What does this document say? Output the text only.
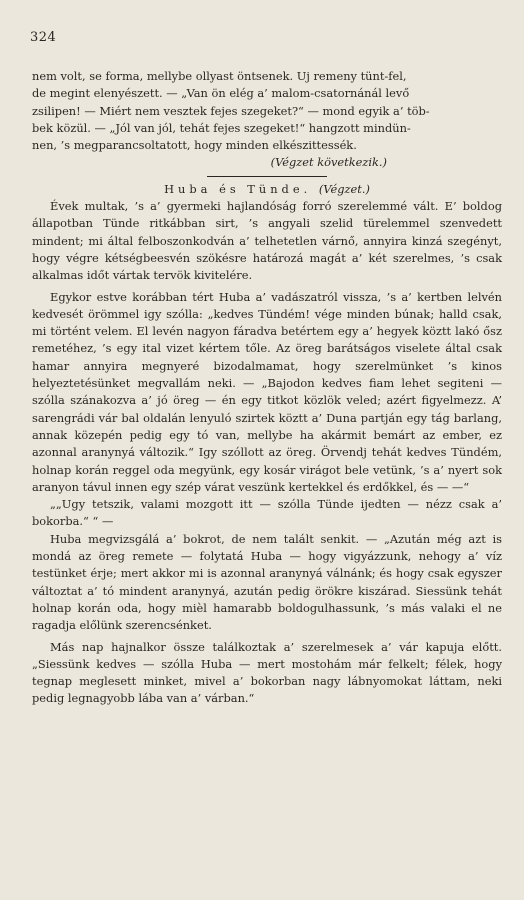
324

nem volt, se forma, mellybe ollyast öntsenek. Uj remeny tünt-fel,

de megint elenyészett. — „Van ön elég a’ malom-csatornánál levő

zsilipen! — Miért nem vesztek fejes szegeket?“ — mond egyik a’ töb-

bek közül. — „Jól van jól, tehát fejes szegeket!“ hangzott mindün-

nen, ’s megparancsoltatott, hogy minden elkészittessék.

(Végzet következik.)

Huba és Tünde. (Végzet.)

Évek multak, ’s a’ gyermeki hajlandóság forró szerelemmé vált. E’ boldog állapotban Tünde ritkábban sirt, ’s angyali szelid türelemmel szenvedett mindent; mi által felboszonkodván a’ telhetetlen várnő, annyira kinzá szegényt, hogy végre kétségbeesvén szökésre határozá magát a’ két szerelmes, ’s csak alkalmas időt vártak tervök kivitelére.

Egykor estve korábban tért Huba a’ vadászatról vissza, ’s a’ kertben lelvén kedvesét örömmel igy szólla: „kedves Tündém! vége minden búnak; halld csak, mi történt velem. El levén nagyon fáradva betértem egy a’ hegyek köztt lakó ősz remetéhez, ’s egy ital vizet kértem tőle. Az öreg barátságos viselete által csak hamar annyira megnyeré bizodalmamat, hogy szerelmünket ’s kinos helyeztetésünket megvallám neki. — „Bajodon kedves fiam lehet segiteni — szólla szánakozva a’ jó öreg — én egy titkot közlök veled; azért figyelmezz. A’ sarengrádi vár bal oldalán lenyuló szirtek köztt a’ Duna partján egy tág barlang, annak közepén pedig egy tó van, mellybe ha akármit bemárt az ember, ez azonnal aranynyá változik.“ Igy szóllott az öreg. Örvendj tehát kedves Tündém, holnap korán reggel oda megyünk, egy kosár virágot bele vetünk, ’s a’ nyert sok aranyon távul innen egy szép várat veszünk kertekkel és erdőkkel, és — —“

„„Ugy tetszik, valami mozgott itt — szólla Tünde ijedten — nézz csak a’ bokorba.“ “ —

Huba megvizsgálá a’ bokrot, de nem talált senkit. — „Azután még azt is mondá az öreg remete — folytatá Huba — hogy vigyázzunk, nehogy a’ víz testünket érje; mert akkor mi is azonnal aranynyá válnánk; és hogy csak egyszer változtat a’ tó mindent aranynyá, azután pedig örökre kiszárad. Siessünk tehát holnap korán oda, hogy mièl hamarabb boldogulhassunk, ’s más valaki el ne ragadja előlünk szerencsénket.

Más nap hajnalkor össze találkoztak a’ szerelmesek a’ vár kapuja előtt. „Siessünk kedves — szólla Huba — mert mostohám már felkelt; félek, hogy tegnap meglesett minket, mivel a’ bokorban nagy lábnyomokat láttam, neki pedig legnagyobb lába van a’ várban.“
